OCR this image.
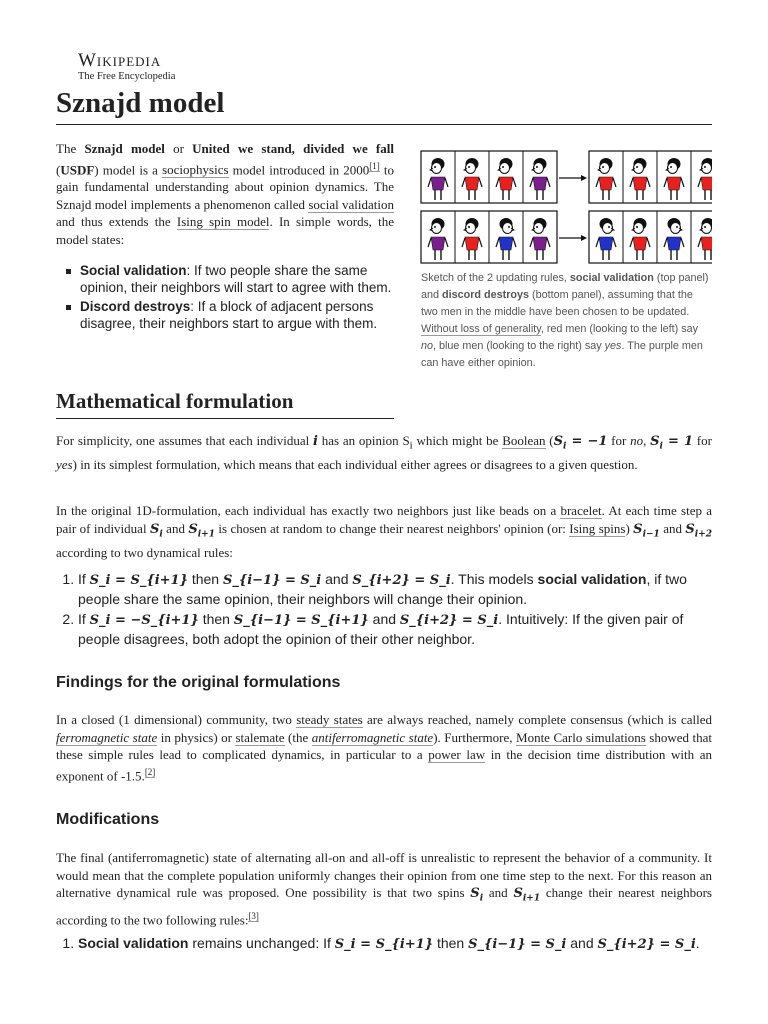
Wikipedia
The Free Encyclopedia
Sznajd model

The Sznajd model or United we stand, divided we fall (USDF) model is a sociophysics model introduced in 2000[1] to gain fundamental understanding about opinion dynamics. The Sznajd model implements a phenomenon called social validation and thus extends the Ising spin model. In simple words, the model states:

Social validation: If two people share the same opinion, their neighbors will start to agree with them.
Discord destroys: If a block of adjacent persons disagree, their neighbors start to argue with them.
Sketch of the 2 updating rules, social validation (top panel) and discord destroys (bottom panel), assuming that the two men in the middle have been chosen to be updated. Without loss of generality, red men (looking to the left) say no, blue men (looking to the right) say yes. The purple men can have either opinion.
Mathematical formulation

For simplicity, one assumes that each individual i has an opinion $S_i$ which might be Boolean ($S_i = -1$ for no, $S_i = 1$ for yes) in its simplest formulation, which means that each individual either agrees or disagrees to a given question.

In the original 1D-formulation, each individual has exactly two neighbors just like beads on a bracelet. At each time step a pair of individual $S_i$ and $S_{i+1}$ is chosen at random to change their nearest neighbors' opinion (or: Ising spins) $S_{i-1}$ and $S_{i+2}$ according to two dynamical rules:

1. If S_i = S_{i+1} then S_{i−1} = S_i and S_{i+2} = S_i. This models social validation, if two people share the same opinion, their neighbors will change their opinion.
2. If S_i = −S_{i+1} then S_{i−1} = S_{i+1} and S_{i+2} = S_i. Intuitively: If the given pair of people disagrees, both adopt the opinion of their other neighbor.
Findings for the original formulations

In a closed (1 dimensional) community, two steady states are always reached, namely complete consensus (which is called ferromagnetic state in physics) or stalemate (the antiferromagnetic state). Furthermore, Monte Carlo simulations showed that these simple rules lead to complicated dynamics, in particular to a power law in the decision time distribution with an exponent of -1.5.[2]

Modifications

The final (antiferromagnetic) state of alternating all-on and all-off is unrealistic to represent the behavior of a community. It would mean that the complete population uniformly changes their opinion from one time step to the next. For this reason an alternative dynamical rule was proposed. One possibility is that two spins $S_i$ and $S_{i+1}$ change their nearest neighbors according to the two following rules:[3]

1. Social validation remains unchanged: If S_i = S_{i+1} then S_{i−1} = S_i and S_{i+2} = S_i.
